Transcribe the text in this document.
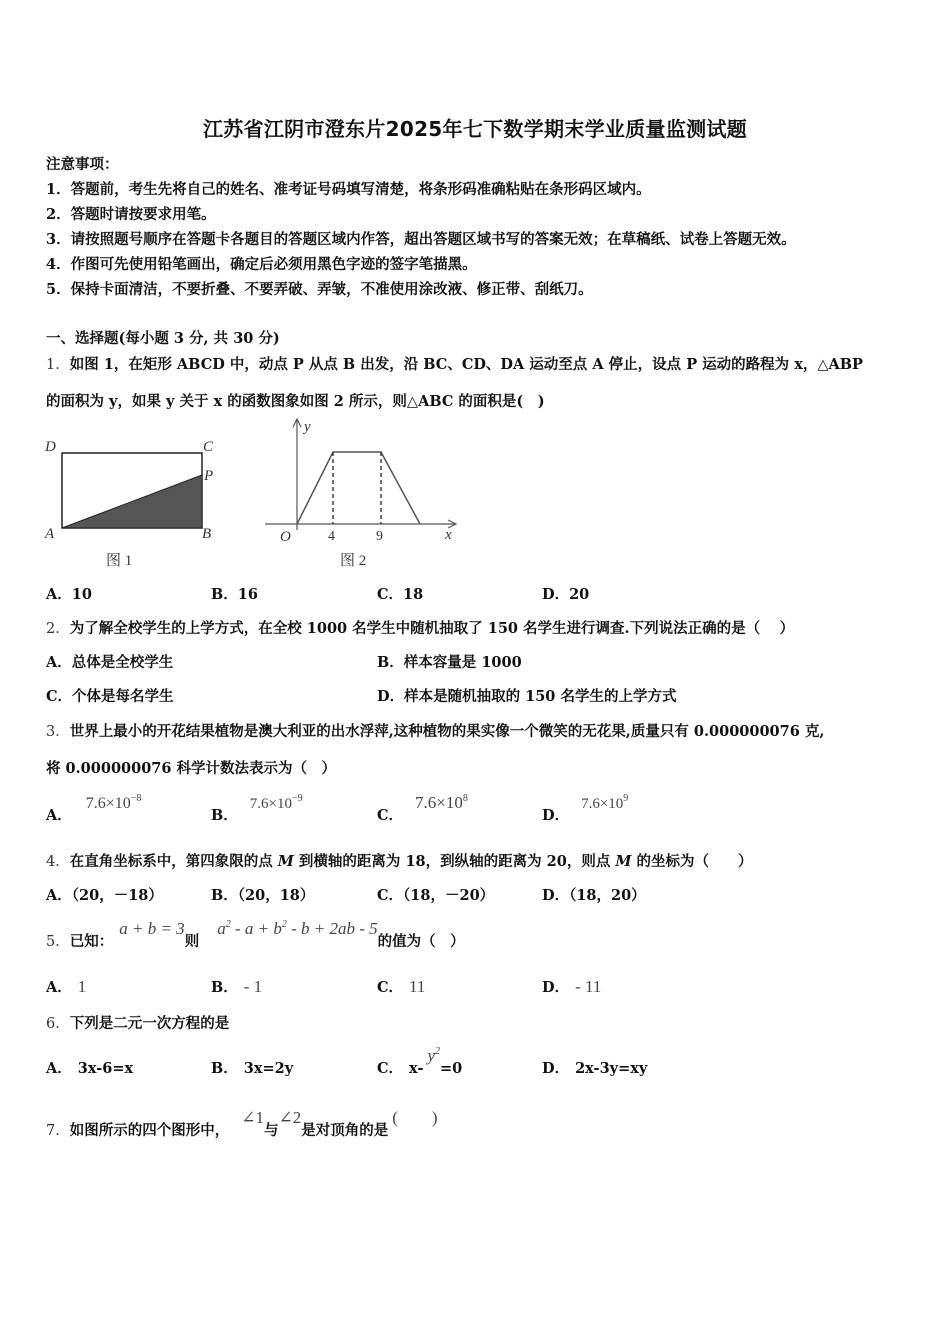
江苏省江阴市澄东片2025年七下数学期末学业质量监测试题
注意事项：
1．答题前，考生先将自己的姓名、准考证号码填写清楚，将条形码准确粘贴在条形码区域内。
2．答题时请按要求用笔。
3．请按照题号顺序在答题卡各题目的答题区域内作答，超出答题区域书写的答案无效；在草稿纸、试卷上答题无效。
4．作图可先使用铅笔画出，确定后必须用黑色字迹的签字笔描黑。
5．保持卡面清洁，不要折叠、不要弄破、弄皱，不准使用涂改液、修正带、刮纸刀。
一、选择题(每小题 3 分, 共 30 分)
1．如图 1，在矩形 ABCD 中，动点 P 从点 B 出发，沿 BC、CD、DA 运动至点 A 停止，设点 P 运动的路程为 x，△ABP
的面积为 y，如果 y 关于 x 的函数图象如图 2 所示，则△ABC 的面积是(　)
D	C
P
A	B
图 1
y
O	4	9	x
图 2
A．10	B．16	C．18	D．20
2．为了解全校学生的上学方式，在全校 1000 名学生中随机抽取了 150 名学生进行调查.下列说法正确的是（　 ）
A．总体是全校学生	B．样本容量是 1000
C．个体是每名学生	D．样本是随机抽取的 150 名学生的上学方式
3．世界上最小的开花结果植物是澳大利亚的出水浮萍,这种植物的果实像一个微笑的无花果,质量只有 0.000000076 克,
将 0.000000076 科学计数法表示为（　）
A．$7.6\times 10^{-8}$
B．$7.6\times 10^{-9}$
C．$7.6\times 10^8$
D．$7.6\times 10^9$
4．在直角坐标系中，第四象限的点 M 到横轴的距离为 18，到纵轴的距离为 20，则点 M 的坐标为（　　）
A．（20，－18）	B．（20，18）	C．（18，－20）	D．（18，20）
5．已知：a + b = 3则$a^2 - a + b^2 - b + 2ab - 5$的值为（　）
A． 1	B． - 1	C． 11	D． - 11
6．下列是二元一次方程的是
A． 3x-6=x	B． 3x=2y	C． $x-y^2=0$	D． 2x-3y=xy
7．如图所示的四个图形中，∠1与∠2是对顶角的是(　　)
